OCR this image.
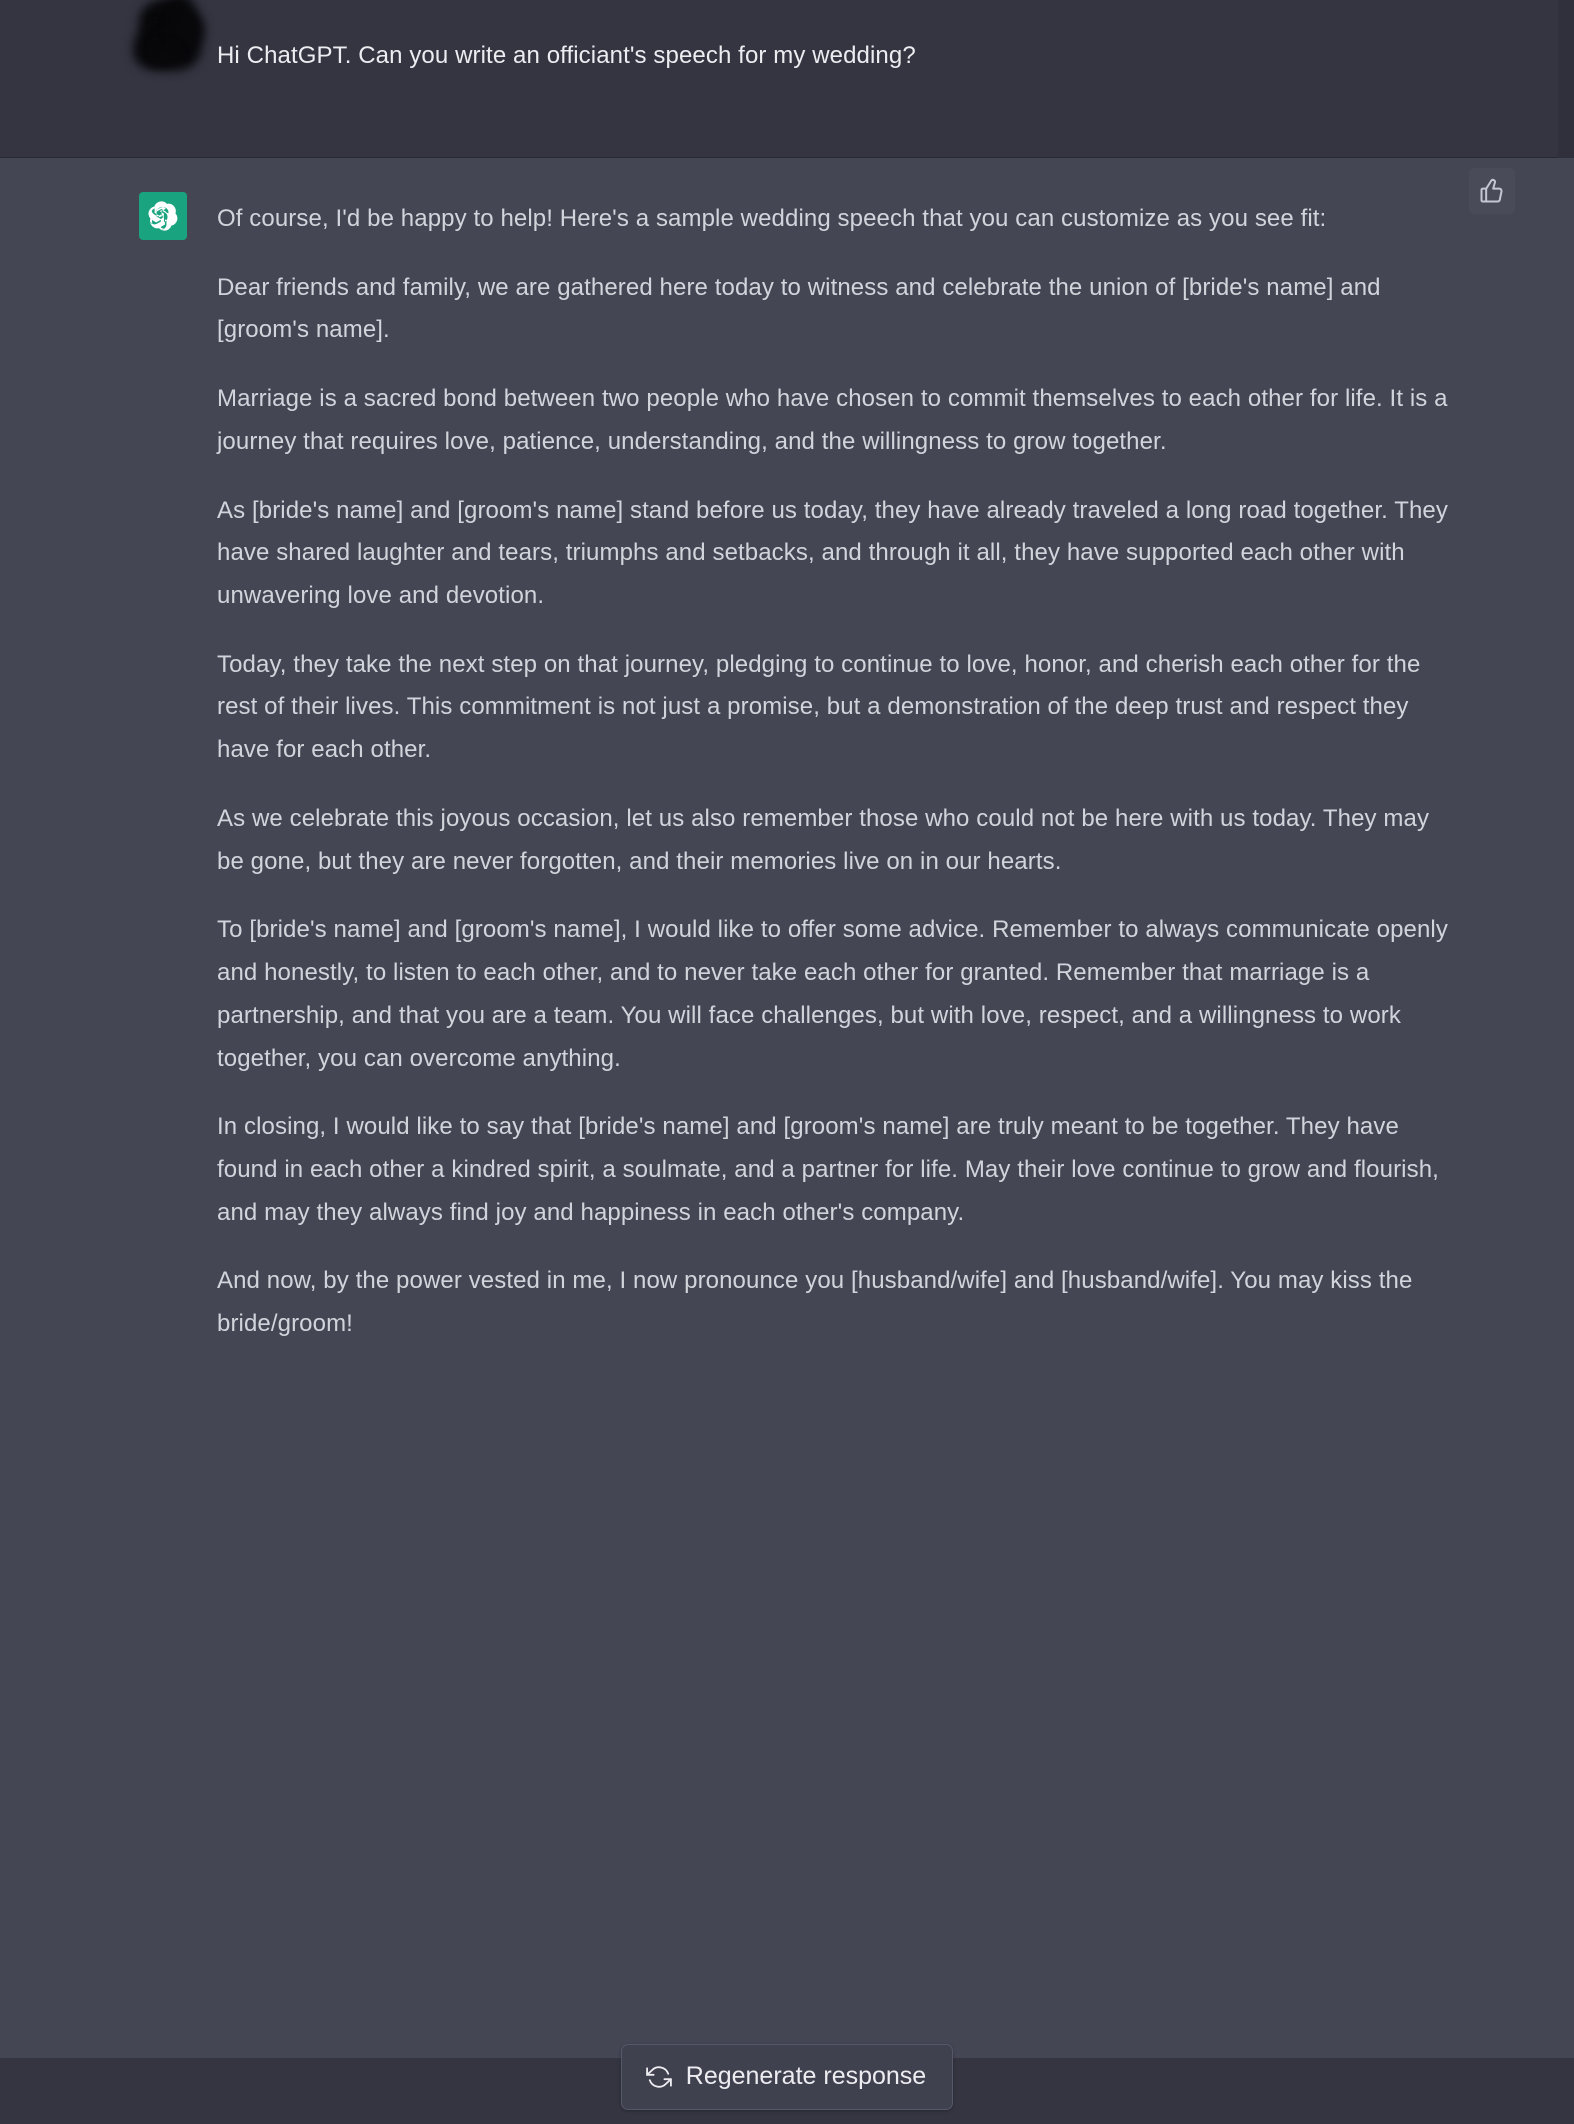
Hi ChatGPT. Can you write an officiant's speech for my wedding?

Of course, I'd be happy to help! Here's a sample wedding speech that you can customize as you see fit:

Dear friends and family, we are gathered here today to witness and celebrate the union of [bride's name] and [groom's name].

Marriage is a sacred bond between two people who have chosen to commit themselves to each other for life. It is a journey that requires love, patience, understanding, and the willingness to grow together.

As [bride's name] and [groom's name] stand before us today, they have already traveled a long road together. They have shared laughter and tears, triumphs and setbacks, and through it all, they have supported each other with unwavering love and devotion.

Today, they take the next step on that journey, pledging to continue to love, honor, and cherish each other for the rest of their lives. This commitment is not just a promise, but a demonstration of the deep trust and respect they have for each other.

As we celebrate this joyous occasion, let us also remember those who could not be here with us today. They may be gone, but they are never forgotten, and their memories live on in our hearts.

To [bride's name] and [groom's name], I would like to offer some advice. Remember to always communicate openly and honestly, to listen to each other, and to never take each other for granted. Remember that marriage is a partnership, and that you are a team. You will face challenges, but with love, respect, and a willingness to work together, you can overcome anything.

In closing, I would like to say that [bride's name] and [groom's name] are truly meant to be together. They have found in each other a kindred spirit, a soulmate, and a partner for life. May their love continue to grow and flourish, and may they always find joy and happiness in each other's company.

And now, by the power vested in me, I now pronounce you [husband/wife] and [husband/wife]. You may kiss the bride/groom!

Regenerate response
